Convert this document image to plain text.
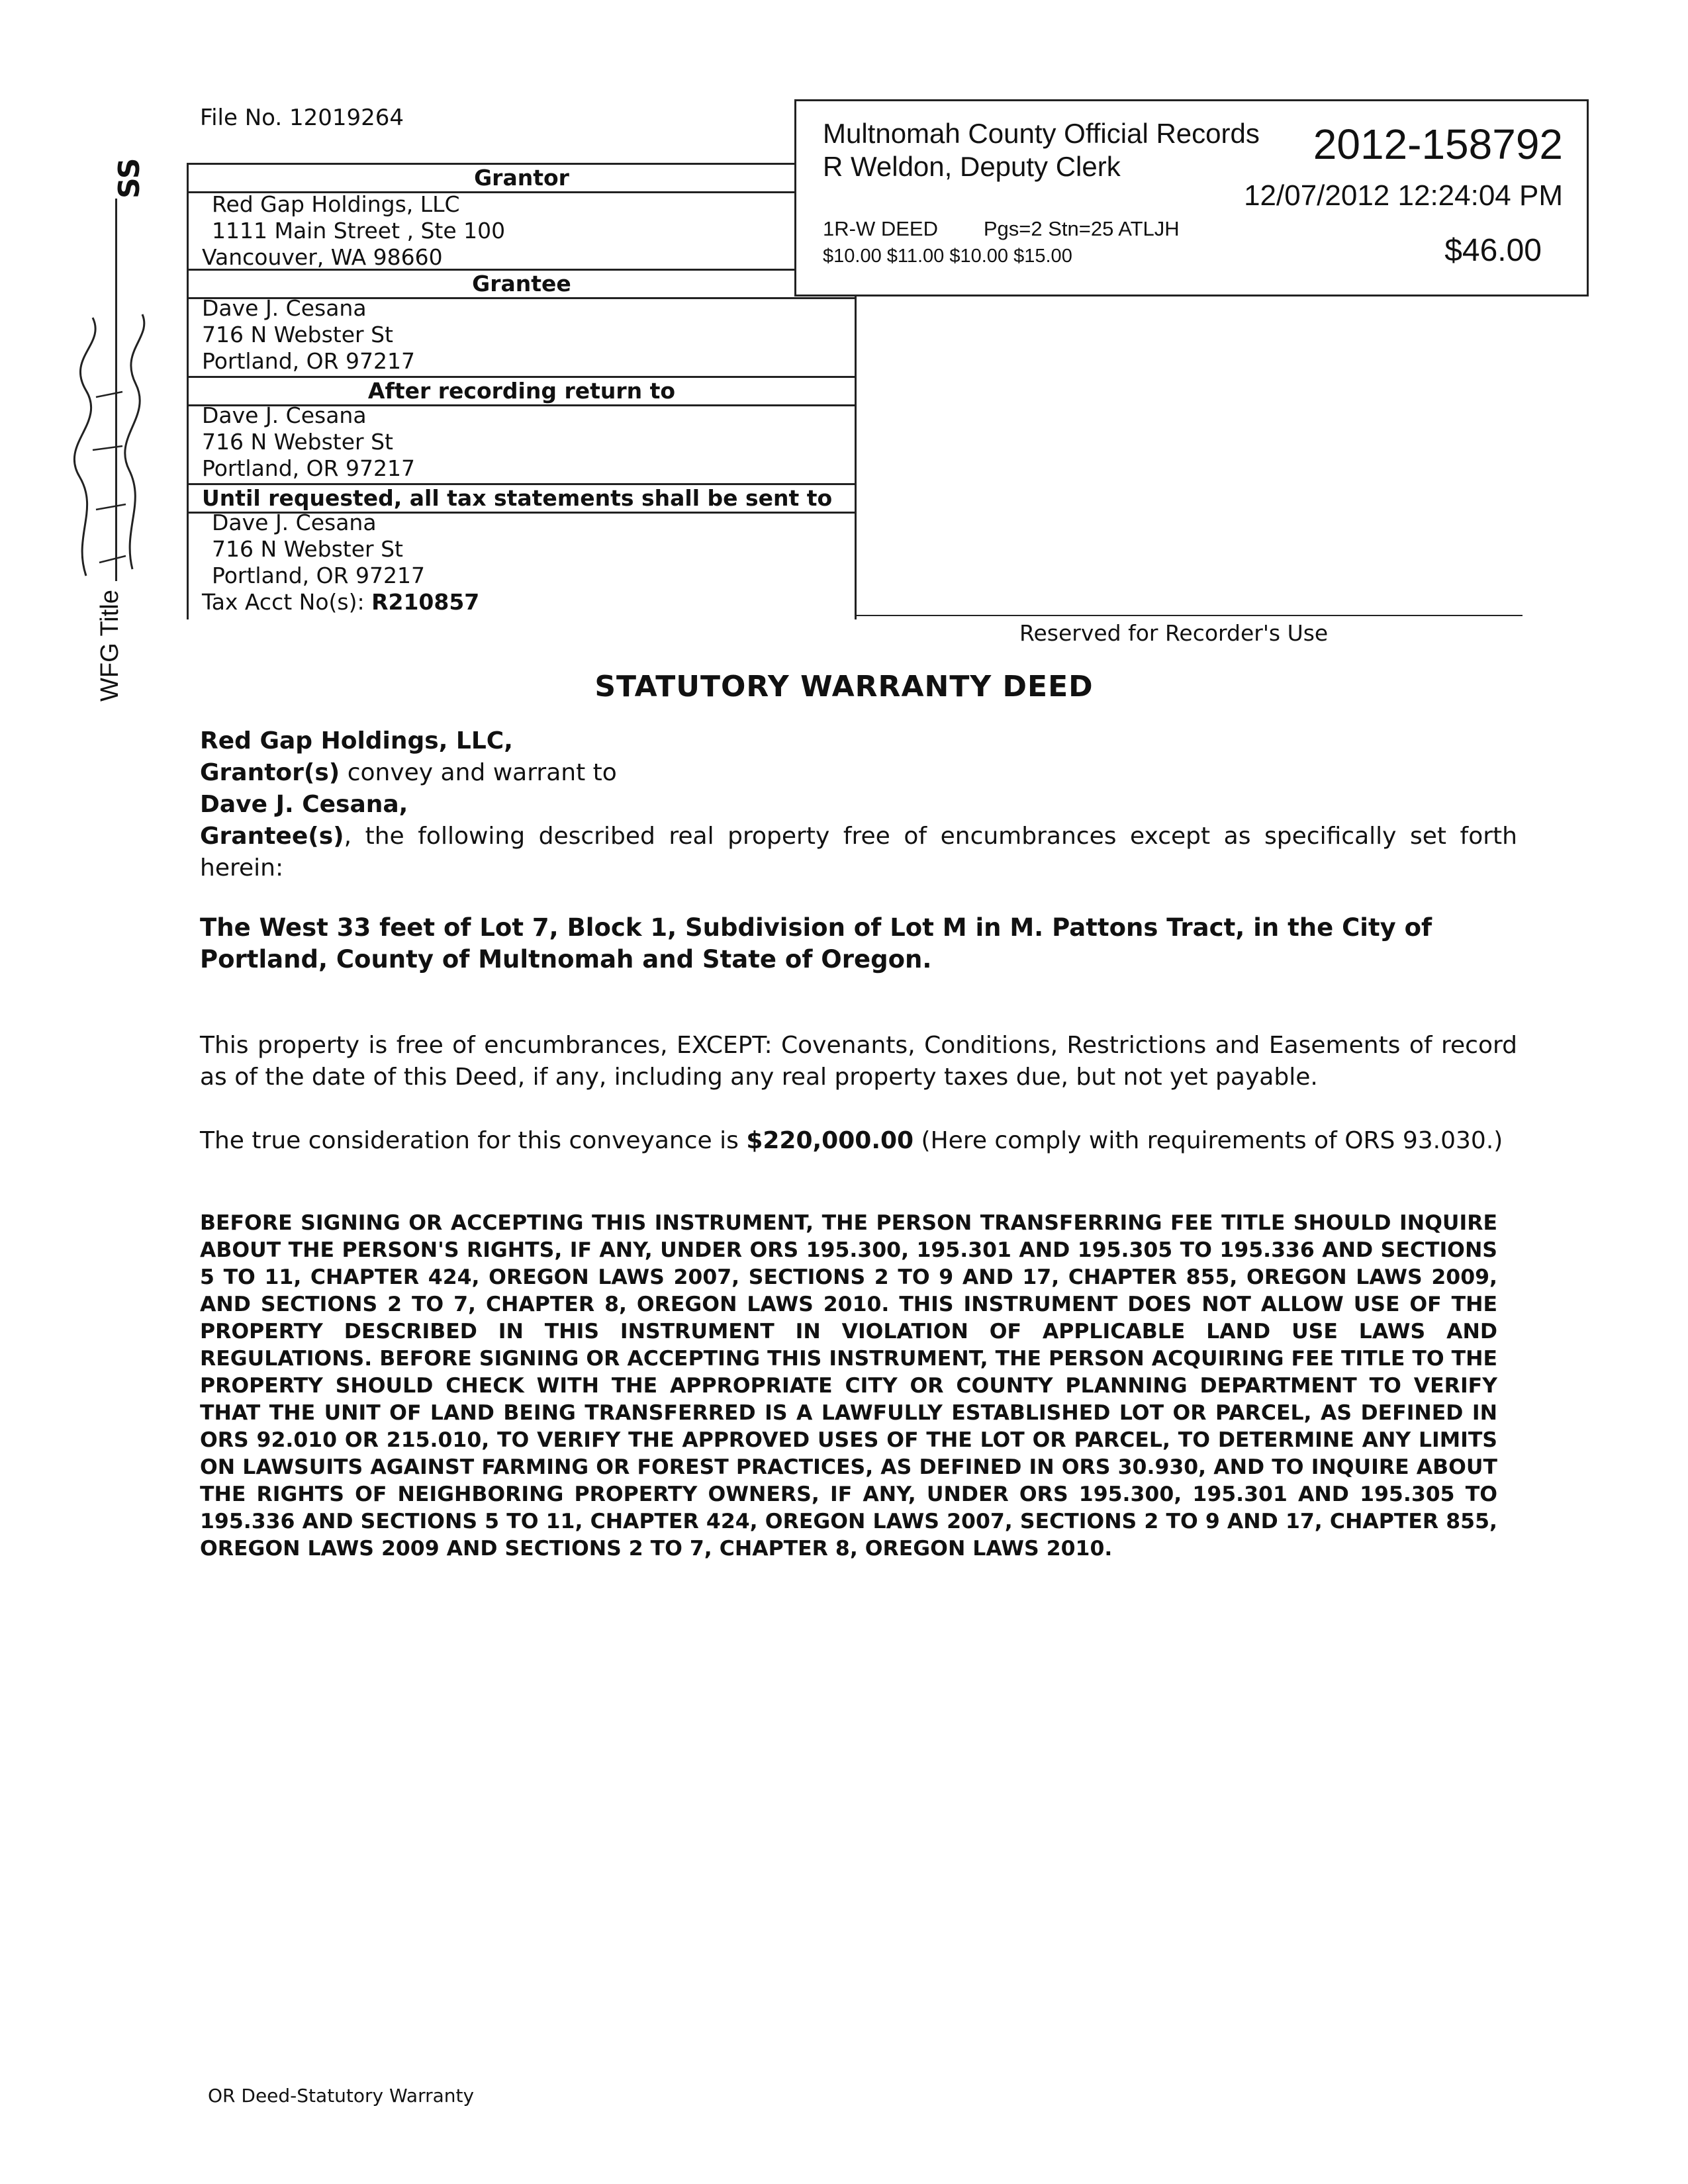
File No. 12019264
Grantor
Red Gap Holdings, LLC
1111 Main Street , Ste 100
Vancouver, WA 98660
Grantee
Dave J. Cesana
716 N Webster St
Portland, OR 97217
After recording return to
Dave J. Cesana
716 N Webster St
Portland, OR 97217
Until requested, all tax statements shall be sent to
Dave J. Cesana
716 N Webster St
Portland, OR 97217
Tax Acct No(s): R210857
Multnomah County Official Records
R Weldon, Deputy Clerk	2012-158792
12/07/2012 12:24:04 PM
1R-W DEED        Pgs=2 Stn=25 ATLJH
$10.00 $11.00 $10.00 $15.00	$46.00
Reserved for Recorder's Use
SS
WFG Title	STATUTORY WARRANTY DEED
Red Gap Holdings, LLC,
Grantor(s) convey and warrant to
Dave J. Cesana,
Grantee(s), the following described real property free of encumbrances except as specifically set forth herein:
The West 33 feet of Lot 7, Block 1, Subdivision of Lot M in M. Pattons Tract, in the City of Portland, County of Multnomah and State of Oregon.
This property is free of encumbrances, EXCEPT: Covenants, Conditions, Restrictions and Easements of record as of the date of this Deed, if any, including any real property taxes due, but not yet payable.
The true consideration for this conveyance is $220,000.00 (Here comply with requirements of ORS 93.030.)
BEFORE SIGNING OR ACCEPTING THIS INSTRUMENT, THE PERSON TRANSFERRING FEE TITLE SHOULD INQUIRE ABOUT THE PERSON'S RIGHTS, IF ANY, UNDER ORS 195.300, 195.301 AND 195.305 TO 195.336 AND SECTIONS 5 TO 11, CHAPTER 424, OREGON LAWS 2007, SECTIONS 2 TO 9 AND 17, CHAPTER 855, OREGON LAWS 2009, AND SECTIONS 2 TO 7, CHAPTER 8, OREGON LAWS 2010. THIS INSTRUMENT DOES NOT ALLOW USE OF THE PROPERTY DESCRIBED IN THIS INSTRUMENT IN VIOLATION OF APPLICABLE LAND USE LAWS AND REGULATIONS. BEFORE SIGNING OR ACCEPTING THIS INSTRUMENT, THE PERSON ACQUIRING FEE TITLE TO THE PROPERTY SHOULD CHECK WITH THE APPROPRIATE CITY OR COUNTY PLANNING DEPARTMENT TO VERIFY THAT THE UNIT OF LAND BEING TRANSFERRED IS A LAWFULLY ESTABLISHED LOT OR PARCEL, AS DEFINED IN ORS 92.010 OR 215.010, TO VERIFY THE APPROVED USES OF THE LOT OR PARCEL, TO DETERMINE ANY LIMITS ON LAWSUITS AGAINST FARMING OR FOREST PRACTICES, AS DEFINED IN ORS 30.930, AND TO INQUIRE ABOUT THE RIGHTS OF NEIGHBORING PROPERTY OWNERS, IF ANY, UNDER ORS 195.300, 195.301 AND 195.305 TO 195.336 AND SECTIONS 5 TO 11, CHAPTER 424, OREGON LAWS 2007, SECTIONS 2 TO 9 AND 17, CHAPTER 855, OREGON LAWS 2009 AND SECTIONS 2 TO 7, CHAPTER 8, OREGON LAWS 2010.
OR Deed-Statutory Warranty
